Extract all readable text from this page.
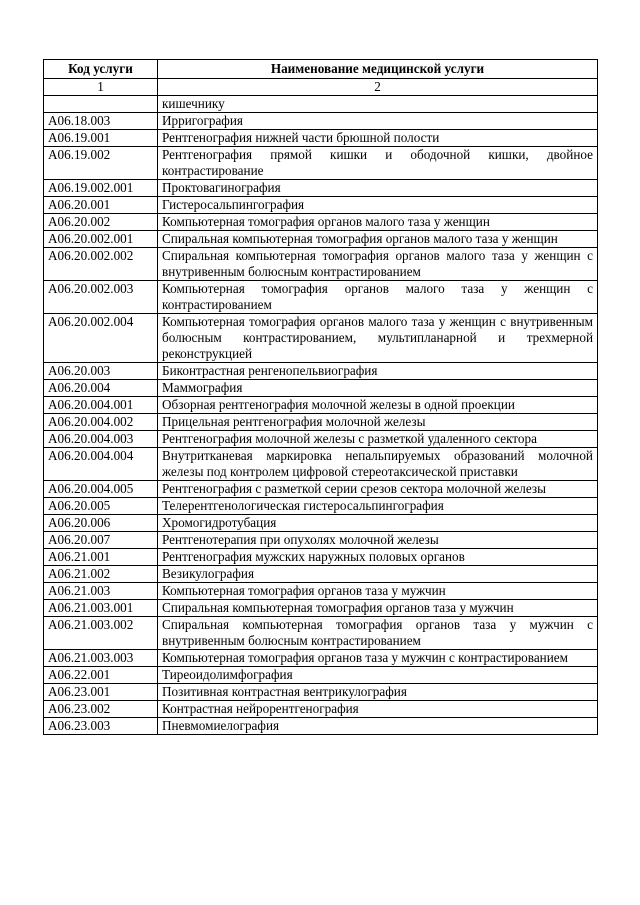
Код услуги	Наименование медицинской услуги
1	2
	кишечнику
A06.18.003	Ирригография
A06.19.001	Рентгенография нижней части брюшной полости
A06.19.002	Рентгенография прямой кишки и ободочной кишки, двойное контрастирование
A06.19.002.001	Проктовагинография
A06.20.001	Гистеросальпингография
A06.20.002	Компьютерная томография органов малого таза у женщин
A06.20.002.001	Спиральная компьютерная томография органов малого таза у женщин
A06.20.002.002	Спиральная компьютерная томография органов малого таза у женщин с внутривенным болюсным контрастированием
A06.20.002.003	Компьютерная томография органов малого таза у женщин с контрастированием
A06.20.002.004	Компьютерная томография органов малого таза у женщин с внутривенным болюсным контрастированием, мультипланарной и трехмерной реконструкцией
A06.20.003	Биконтрастная ренгенопельвиография
A06.20.004	Маммография
A06.20.004.001	Обзорная рентгенография молочной железы в одной проекции
A06.20.004.002	Прицельная рентгенография молочной железы
A06.20.004.003	Рентгенография молочной железы с разметкой удаленного сектора
A06.20.004.004	Внутритканевая маркировка непальпируемых образований молочной железы под контролем цифровой стереотаксической приставки
A06.20.004.005	Рентгенография с разметкой серии срезов сектора молочной железы
A06.20.005	Телерентгенологическая гистеросальпингография
A06.20.006	Хромогидротубация
A06.20.007	Рентгенотерапия при опухолях молочной железы
A06.21.001	Рентгенография мужских наружных половых органов
A06.21.002	Везикулография
A06.21.003	Компьютерная томография органов таза у мужчин
A06.21.003.001	Спиральная компьютерная томография органов таза у мужчин
A06.21.003.002	Спиральная компьютерная томография органов таза у мужчин с внутривенным болюсным контрастированием
A06.21.003.003	Компьютерная томография органов таза у мужчин с контрастированием
A06.22.001	Тиреоидолимфография
A06.23.001	Позитивная контрастная вентрикулография
A06.23.002	Контрастная нейрорентгенография
A06.23.003	Пневмомиелография
